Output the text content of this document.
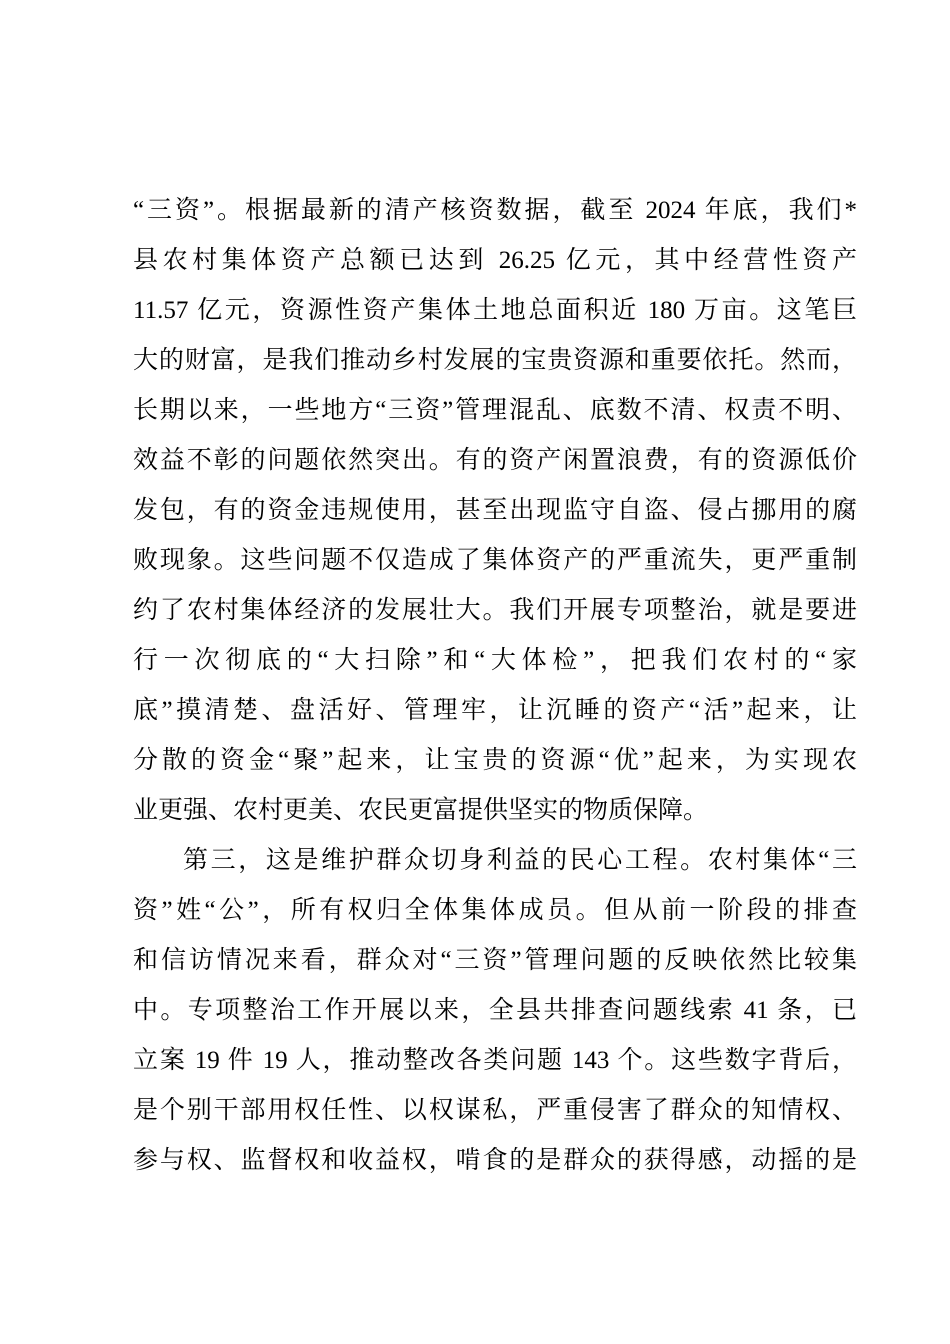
“三资”。根据最新的清产核资数据，截至 2024 年底，我们*
县农村集体资产总额已达到 26.25 亿元，其中经营性资产
11.57 亿元，资源性资产集体土地总面积近 180 万亩。这笔巨
大的财富，是我们推动乡村发展的宝贵资源和重要依托。然而，
长期以来，一些地方“三资”管理混乱、底数不清、权责不明、
效益不彰的问题依然突出。有的资产闲置浪费，有的资源低价
发包，有的资金违规使用，甚至出现监守自盗、侵占挪用的腐
败现象。这些问题不仅造成了集体资产的严重流失，更严重制
约了农村集体经济的发展壮大。我们开展专项整治，就是要进
行一次彻底的“大扫除”和“大体检”，把我们农村的“家
底”摸清楚、盘活好、管理牢，让沉睡的资产“活”起来，让
分散的资金“聚”起来，让宝贵的资源“优”起来，为实现农
业更强、农村更美、农民更富提供坚实的物质保障。
第三，这是维护群众切身利益的民心工程。农村集体“三
资”姓“公”，所有权归全体集体成员。但从前一阶段的排查
和信访情况来看，群众对“三资”管理问题的反映依然比较集
中。专项整治工作开展以来，全县共排查问题线索 41 条，已
立案 19 件 19 人，推动整改各类问题 143 个。这些数字背后，
是个别干部用权任性、以权谋私，严重侵害了群众的知情权、
参与权、监督权和收益权，啃食的是群众的获得感，动摇的是
